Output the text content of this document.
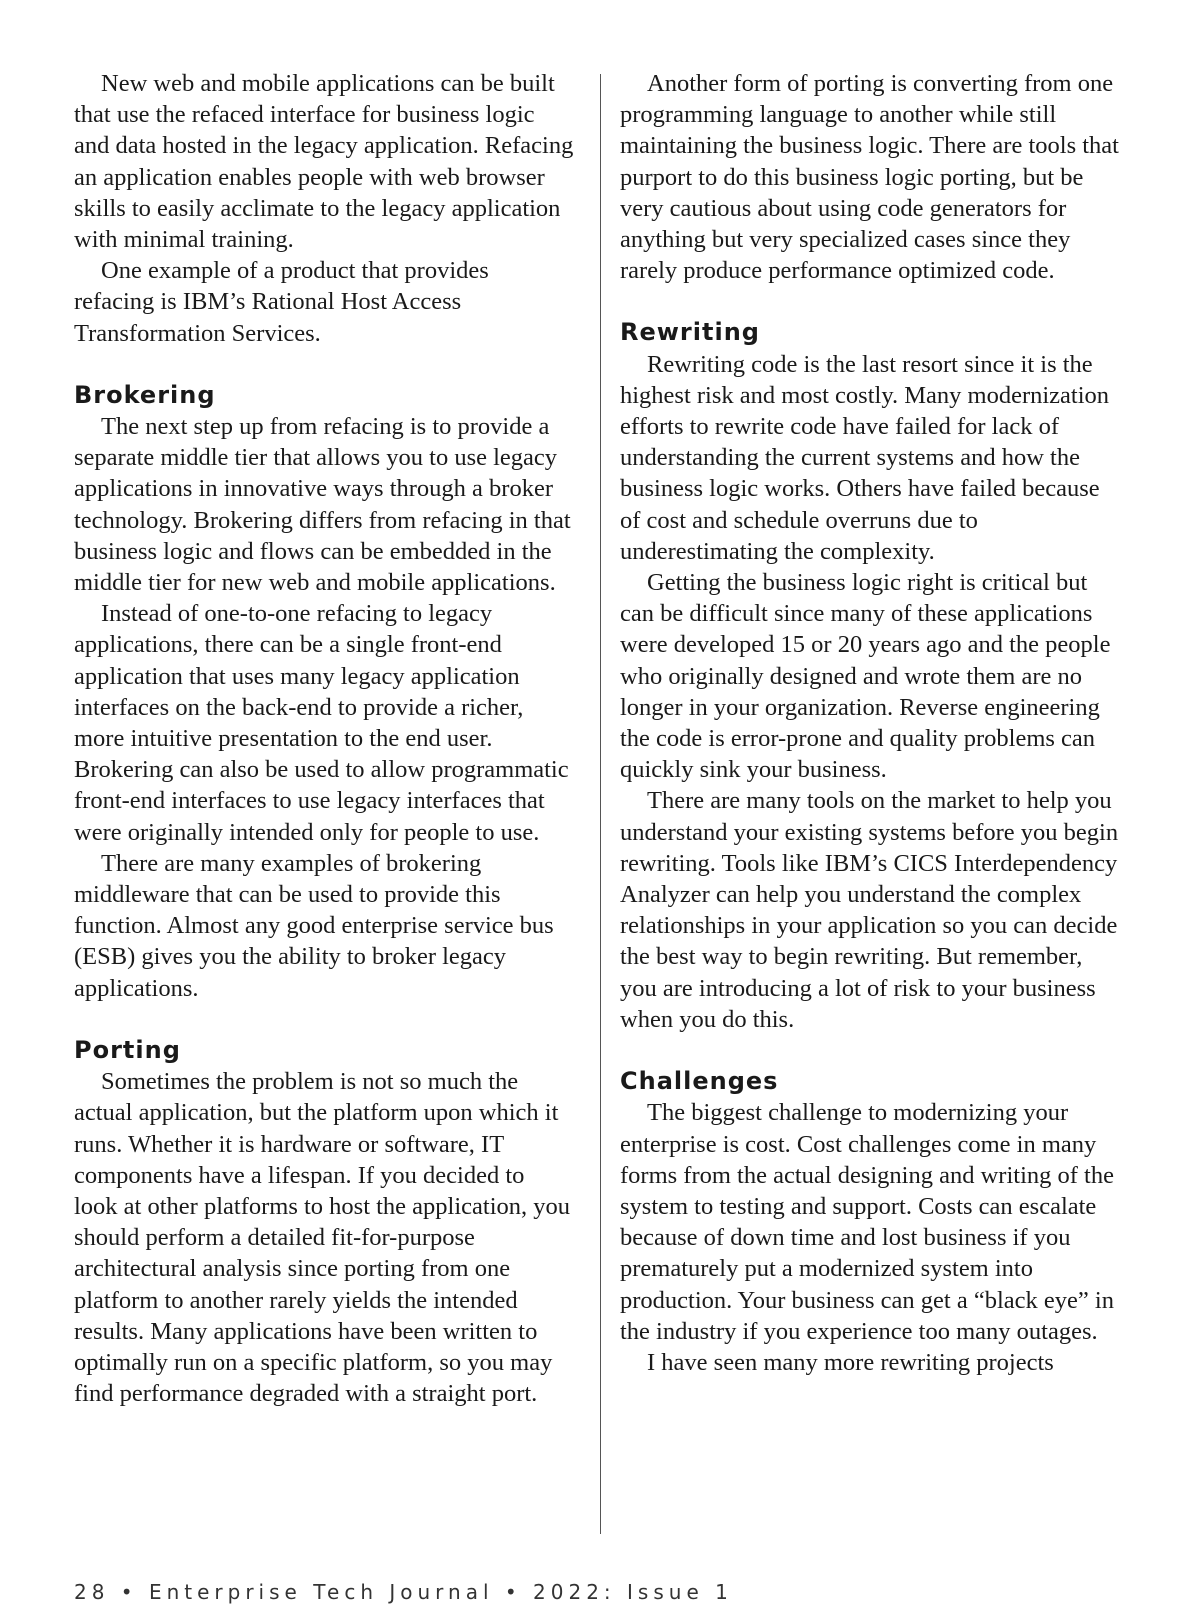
New web and mobile applications can be built that use the refaced interface for business logic and data hosted in the legacy application. Refacing an application enables people with web browser skills to easily acclimate to the legacy application with minimal training.

One example of a product that provides refacing is IBM’s Rational Host Access Transformation Services.

Brokering

The next step up from refacing is to provide a separate middle tier that allows you to use legacy applications in innovative ways through a broker technology. Brokering differs from refacing in that business logic and flows can be embedded in the middle tier for new web and mobile applications.

Instead of one-to-one refacing to legacy applications, there can be a single front-end application that uses many legacy application interfaces on the back-end to provide a richer, more intuitive presentation to the end user. Brokering can also be used to allow programmatic front-end interfaces to use legacy interfaces that were originally intended only for people to use.

There are many examples of brokering middleware that can be used to provide this function. Almost any good enterprise service bus (ESB) gives you the ability to broker legacy applications.

Porting

Sometimes the problem is not so much the actual application, but the platform upon which it runs. Whether it is hardware or software, IT components have a lifespan. If you decided to look at other platforms to host the application, you should perform a detailed fit-for-purpose architectural analysis since porting from one platform to another rarely yields the intended results. Many applications have been written to optimally run on a specific platform, so you may find performance degraded with a straight port.

Another form of porting is converting from one programming language to another while still maintaining the business logic. There are tools that purport to do this business logic porting, but be very cautious about using code generators for anything but very specialized cases since they rarely produce performance optimized code.

Rewriting

Rewriting code is the last resort since it is the highest risk and most costly. Many modernization efforts to rewrite code have failed for lack of understanding the current systems and how the business logic works. Others have failed because of cost and schedule overruns due to underestimating the complexity.

Getting the business logic right is critical but can be difficult since many of these applications were developed 15 or 20 years ago and the people who originally designed and wrote them are no longer in your organization. Reverse engineering the code is error-prone and quality problems can quickly sink your business.

There are many tools on the market to help you understand your existing systems before you begin rewriting. Tools like IBM’s CICS Interdependency Analyzer can help you understand the complex relationships in your application so you can decide the best way to begin rewriting. But remember, you are introducing a lot of risk to your business when you do this.

Challenges

The biggest challenge to modernizing your enterprise is cost. Cost challenges come in many forms from the actual designing and writing of the system to testing and support. Costs can escalate because of down time and lost business if you prematurely put a modernized system into production. Your business can get a “black eye” in the industry if you experience too many outages.

I have seen many more rewriting projects

28 • Enterprise Tech Journal • 2022: Issue 1
